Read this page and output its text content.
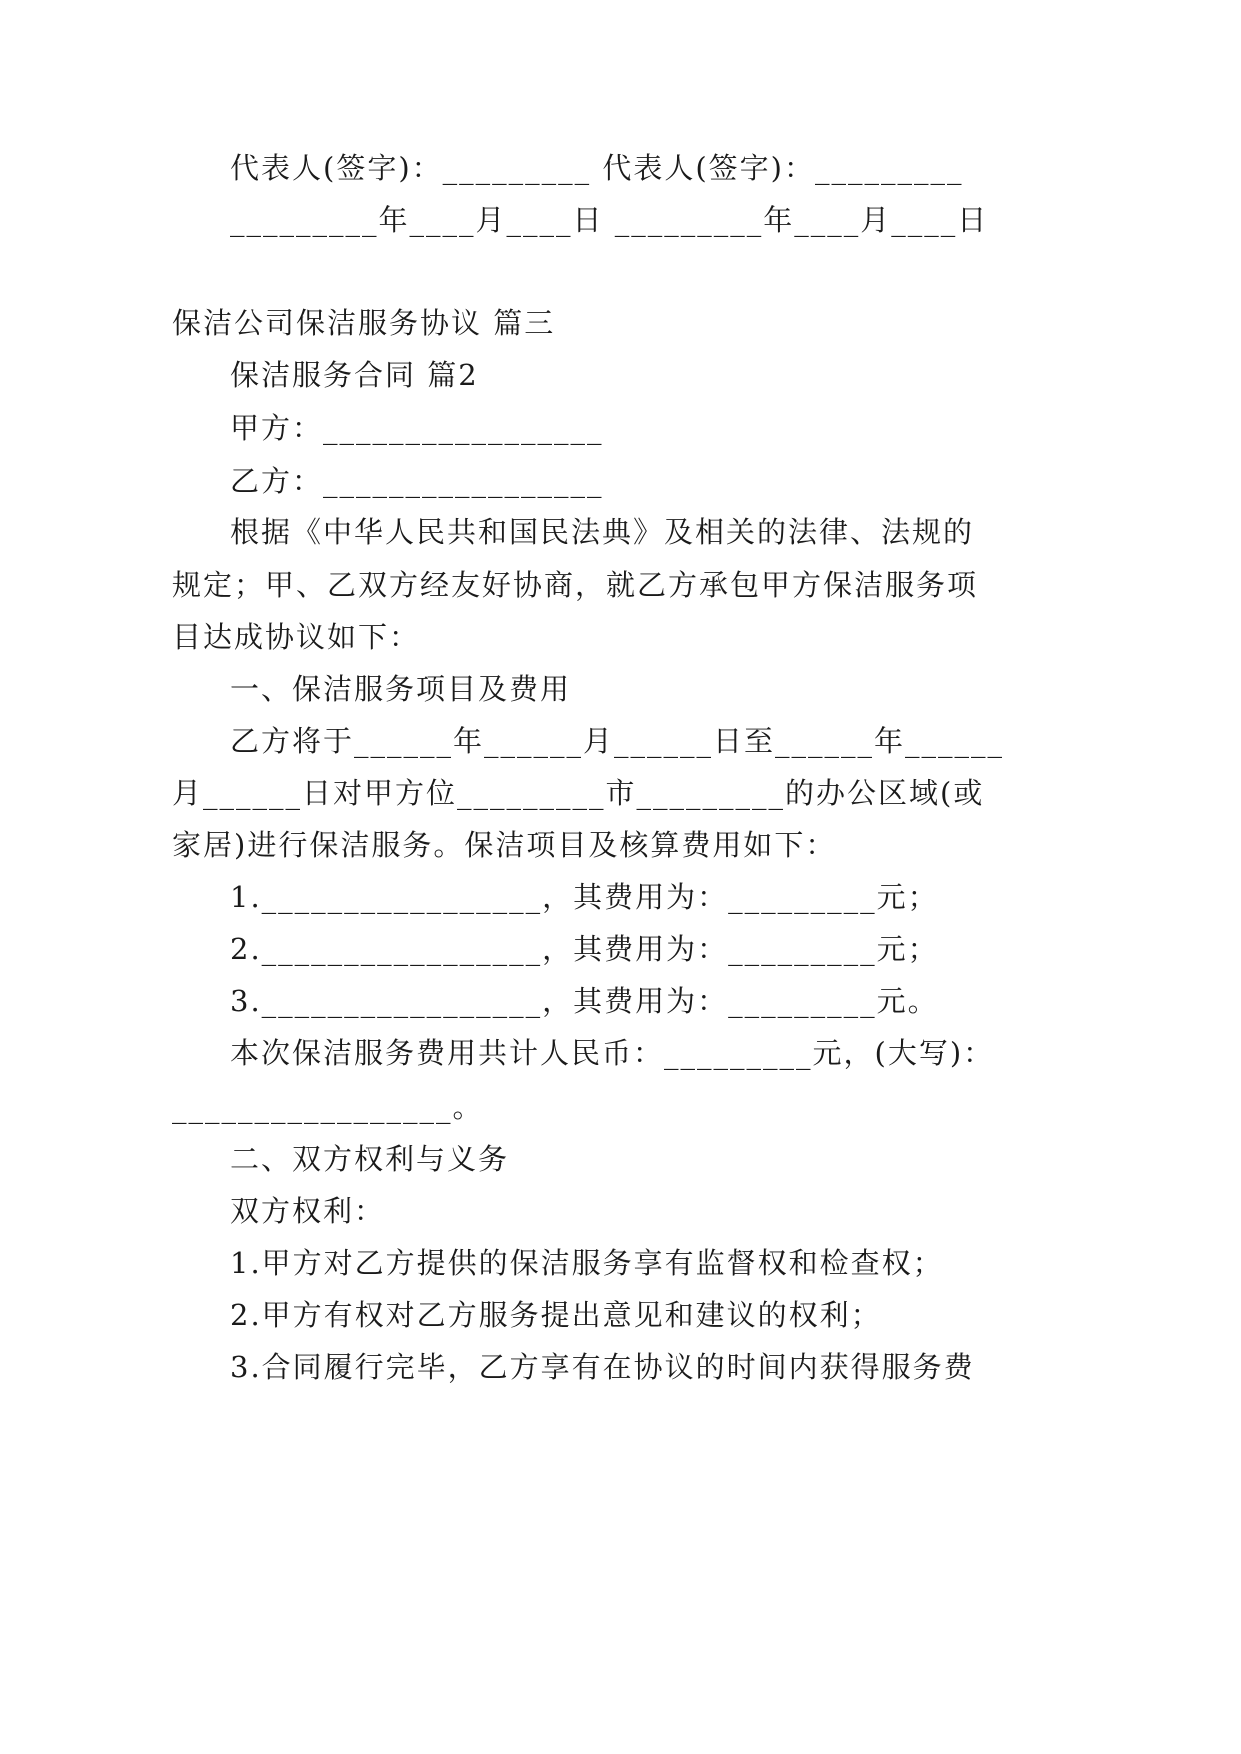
代表人(签字)：_________ 代表人(签字)：_________
_________年____月____日 _________年____月____日
保洁公司保洁服务协议 篇三
保洁服务合同 篇2
甲方：_________________
乙方：_________________
根据《中华人民共和国民法典》及相关的法律、法规的
规定；甲、乙双方经友好协商，就乙方承包甲方保洁服务项
目达成协议如下：
一、保洁服务项目及费用
乙方将于______年______月______日至______年______
月______日对甲方位_________市_________的办公区域(或
家居)进行保洁服务。保洁项目及核算费用如下：
1._________________，其费用为：_________元；
2._________________，其费用为：_________元；
3._________________，其费用为：_________元。
本次保洁服务费用共计人民币：_________元，(大写)：
_________________。
二、双方权利与义务
双方权利：
1.甲方对乙方提供的保洁服务享有监督权和检查权；
2.甲方有权对乙方服务提出意见和建议的权利；
3.合同履行完毕，乙方享有在协议的时间内获得服务费
